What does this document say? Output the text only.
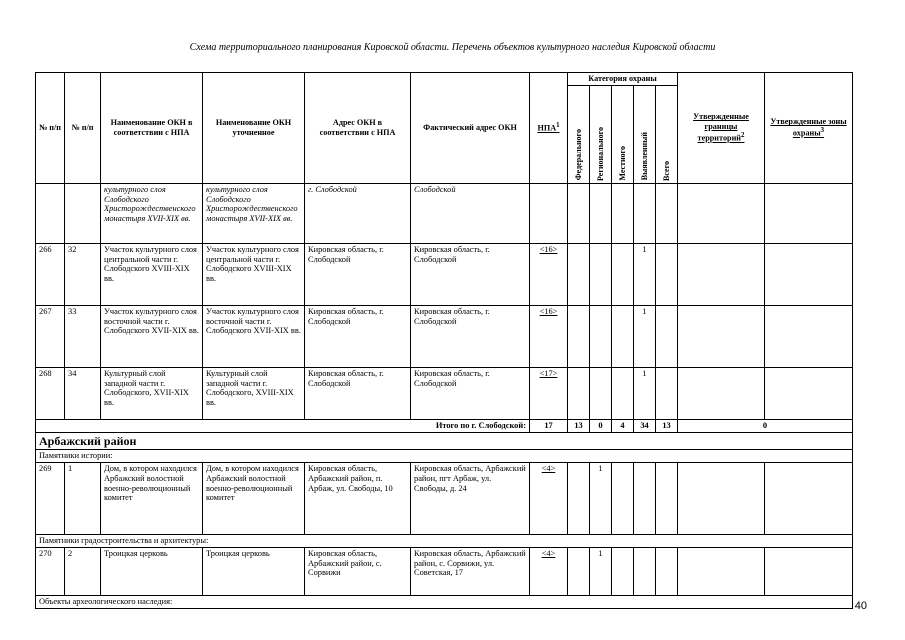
Схема территориального планирования Кировской области. Перечень объектов культурного наследия Кировской области
№ п/п	№ п/п	Наименование ОКН в соответствии с НПА	Наименование ОКН уточненное	Адрес ОКН в соответствии с НПА	Фактический адрес ОКН	НПА$^1$	Категория охраны					Утвержденные границы территорий$^2$	Утвержденные зоны охраны$^3$

							Федерального	Регионального	Местного	Выявленный	Всего		

		культурного слоя Слободского Христорождественского монастыря XVII-XIX вв.	культурного слоя Слободского Христорождественского монастыря XVII-XIX вв.	г. Слободской	Слободской								
266	32	Участок культурного слоя центральной части г. Слободского XVIII-XIX вв.	Участок культурного слоя центральной части г. Слободского XVIII-XIX вв.	Кировская область, г. Слободской	Кировская область, г. Слободской	<16>				1			
267	33	Участок культурного слоя восточной части г. Слободского XVII-XIX вв.	Участок культурного слоя восточной части г. Слободского XVII-XIX вв.	Кировская область, г. Слободской	Кировская область, г. Слободской	<16>				1			
268	34	Культурный слой западной части г. Слободского, XVII-XIX вв.	Культурный слой западной части г. Слободского, XVIII-XIX вв.	Кировская область, г. Слободской	Кировская область, г. Слободской	<17>				1			
Итого по г. Слободской:						17	13	0	4	34	13	0	
Арбажский район													
Памятники истории:													
269	1	Дом, в котором находился Арбажский волостной военно-революционный комитет	Дом, в котором находился Арбажский волостной военно-революционный комитет	Кировская область, Арбажский район, п. Арбаж, ул. Свободы, 10	Кировская область, Арбажский район, пгт Арбаж, ул. Свободы, д. 24	<4>		1					
Памятники градостроительства и архитектуры:													
270	2	Троицкая церковь	Троицкая церковь	Кировская область, Арбажский район, с. Сорвижи	Кировская область, Арбажский район, с. Сорвижи, ул. Советская, 17	<4>		1					
Объекты археологического наследия:														40
